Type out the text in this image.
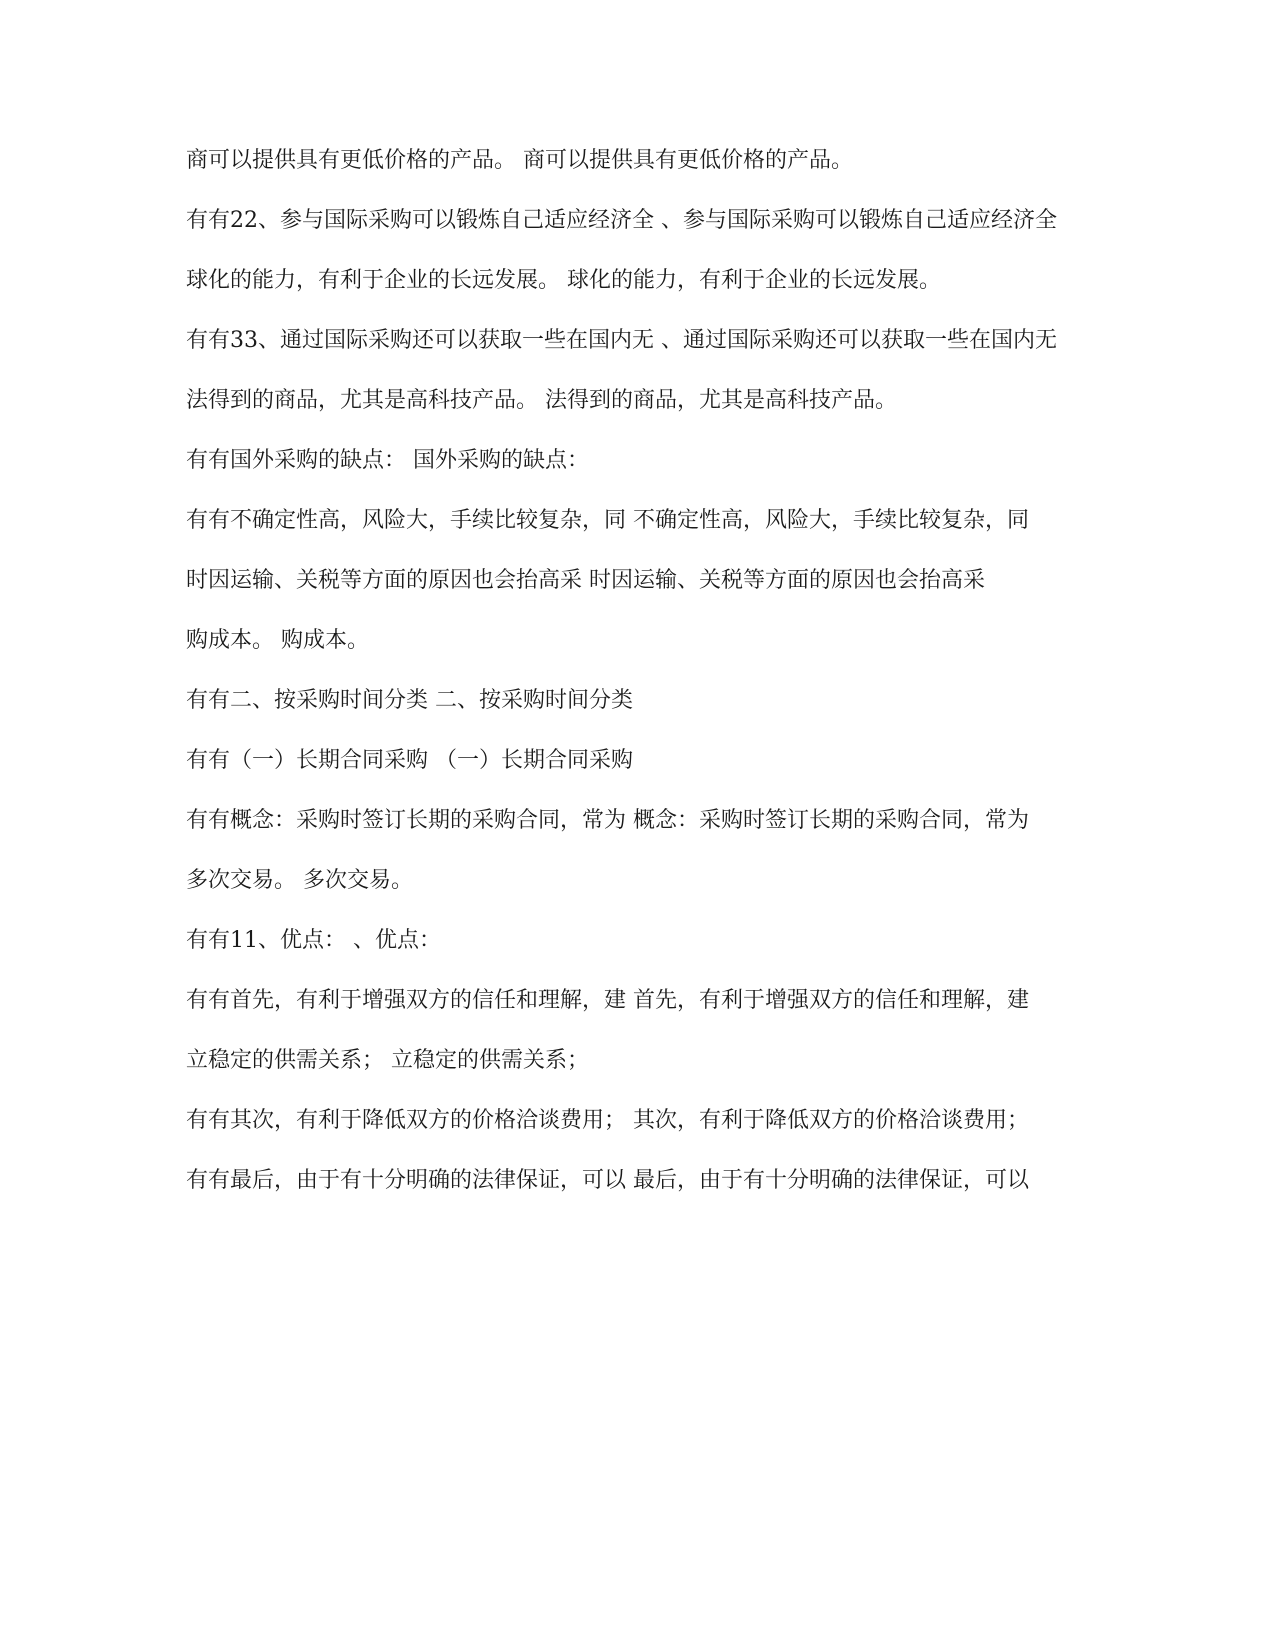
商可以提供具有更低价格的产品。 商可以提供具有更低价格的产品。

有有22、参与国际采购可以锻炼自己适应经济全 、参与国际采购可以锻炼自己适应经济全

球化的能力，有利于企业的长远发展。 球化的能力，有利于企业的长远发展。

有有33、通过国际采购还可以获取一些在国内无 、通过国际采购还可以获取一些在国内无

法得到的商品，尤其是高科技产品。 法得到的商品，尤其是高科技产品。

有有国外采购的缺点： 国外采购的缺点：

有有不确定性高，风险大，手续比较复杂，同 不确定性高，风险大，手续比较复杂，同

时因运输、关税等方面的原因也会抬高采 时因运输、关税等方面的原因也会抬高采

购成本。 购成本。

有有二、按采购时间分类 二、按采购时间分类

有有（一）长期合同采购 （一）长期合同采购

有有概念：采购时签订长期的采购合同，常为 概念：采购时签订长期的采购合同，常为

多次交易。 多次交易。

有有11、优点： 、优点：

有有首先，有利于增强双方的信任和理解，建 首先，有利于增强双方的信任和理解，建

立稳定的供需关系； 立稳定的供需关系；

有有其次，有利于降低双方的价格洽谈费用； 其次，有利于降低双方的价格洽谈费用；

有有最后，由于有十分明确的法律保证，可以 最后，由于有十分明确的法律保证，可以
